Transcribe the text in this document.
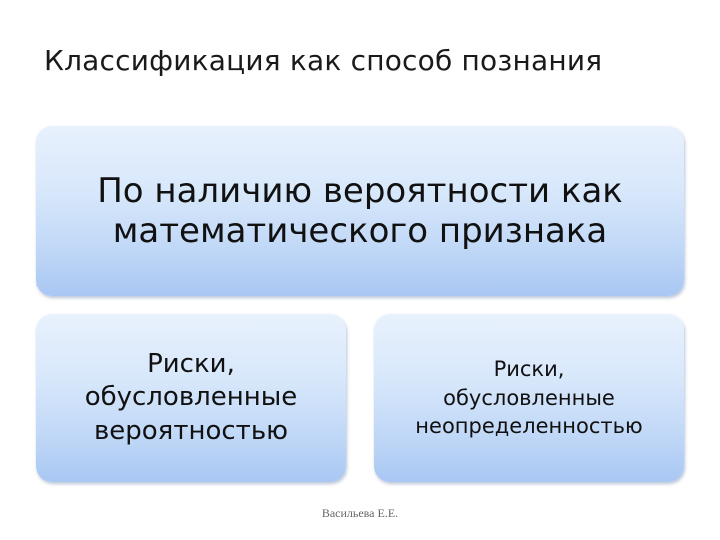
Классификация как способ познания
По наличию вероятности как
математического признака
Риски,
обусловленные
вероятностью
Риски,
обусловленные
неопределенностью
Васильева Е.Е.
